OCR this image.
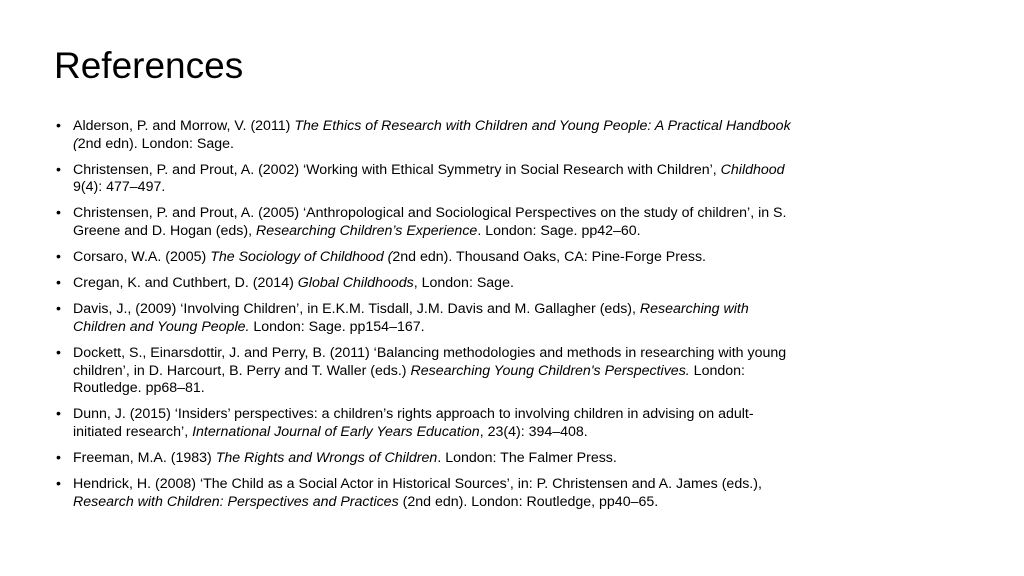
References
• Alderson, P. and Morrow, V. (2011) The Ethics of Research with Children and Young People: A Practical Handbook (2nd edn). London: Sage.
• Christensen, P. and Prout, A. (2002) ‘Working with Ethical Symmetry in Social Research with Children’, Childhood 9(4): 477–497.
• Christensen, P. and Prout, A. (2005) ‘Anthropological and Sociological Perspectives on the study of children’, in S. Greene and D. Hogan (eds), Researching Children’s Experience. London: Sage. pp42–60.
• Corsaro, W.A. (2005) The Sociology of Childhood (2nd edn). Thousand Oaks, CA: Pine-Forge Press.
• Cregan, K. and Cuthbert, D. (2014) Global Childhoods, London: Sage.
• Davis, J., (2009) ‘Involving Children’, in E.K.M. Tisdall, J.M. Davis and M. Gallagher (eds), Researching with Children and Young People. London: Sage. pp154–167.
• Dockett, S., Einarsdottir, J. and Perry, B. (2011) ‘Balancing methodologies and methods in researching with young children’, in D. Harcourt, B. Perry and T. Waller (eds.) Researching Young Children's Perspectives. London: Routledge. pp68–81.
• Dunn, J. (2015) ‘Insiders’ perspectives: a children’s rights approach to involving children in advising on adult-initiated research’, International Journal of Early Years Education, 23(4): 394–408.
• Freeman, M.A. (1983) The Rights and Wrongs of Children. London: The Falmer Press.
• Hendrick, H. (2008) ‘The Child as a Social Actor in Historical Sources’, in: P. Christensen and A. James (eds.), Research with Children: Perspectives and Practices (2nd edn). London: Routledge, pp40–65.
